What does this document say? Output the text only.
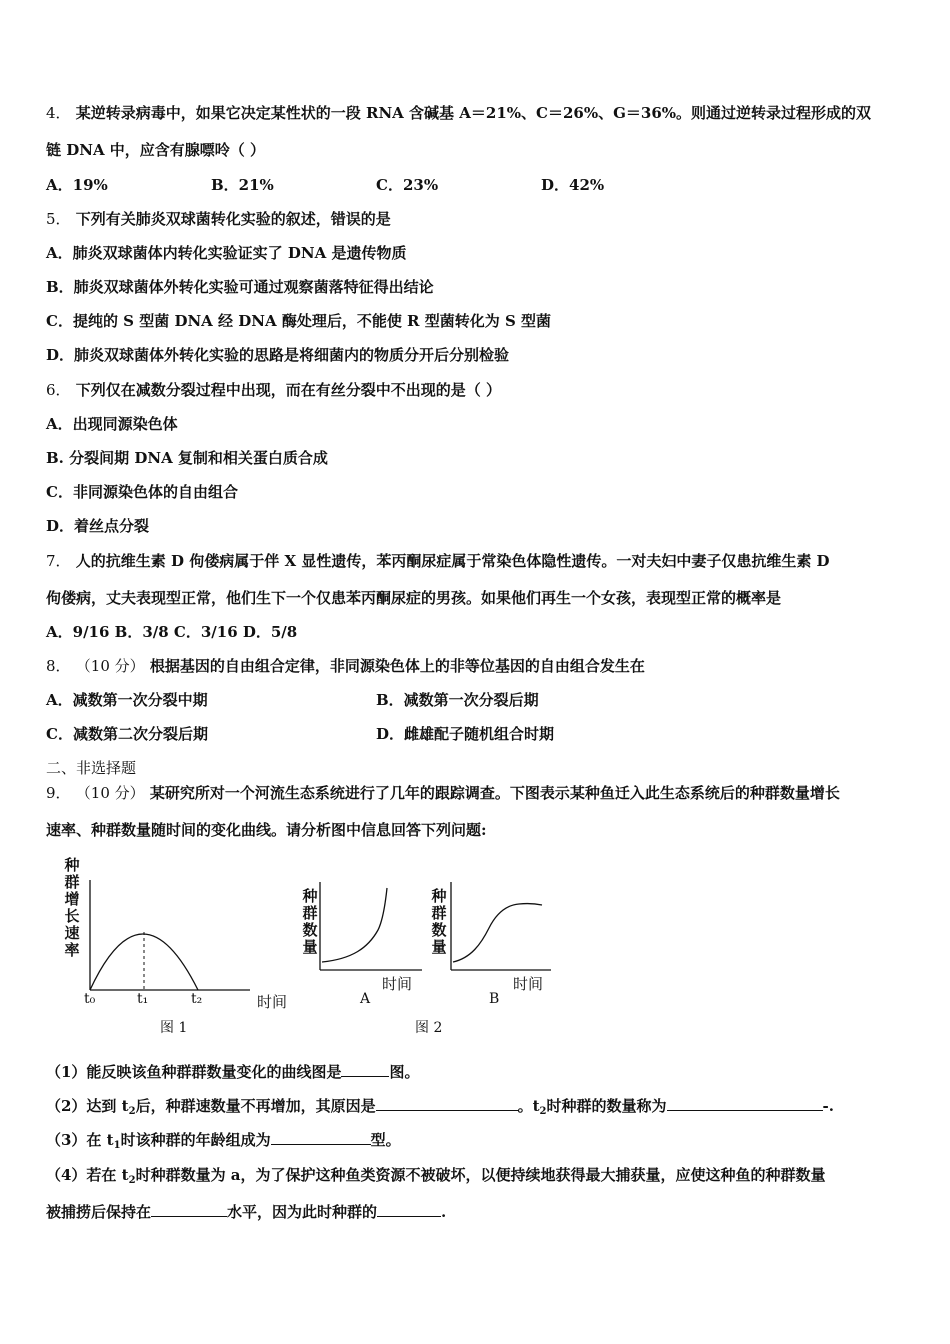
4． 某逆转录病毒中，如果它决定某性状的一段 RNA 含碱基 A＝21%、C＝26%、G＝36%。则通过逆转录过程形成的双
链 DNA 中，应含有腺嘌呤（ ）
A．19%	B．21%	C．23%	D．42%
5． 下列有关肺炎双球菌转化实验的叙述，错误的是
A．肺炎双球菌体内转化实验证实了 DNA 是遗传物质
B．肺炎双球菌体外转化实验可通过观察菌落特征得出结论
C．提纯的 S 型菌 DNA 经 DNA 酶处理后，不能使 R 型菌转化为 S 型菌
D．肺炎双球菌体外转化实验的思路是将细菌内的物质分开后分别检验
6． 下列仅在减数分裂过程中出现，而在有丝分裂中不出现的是（ ）
A．出现同源染色体
B. 分裂间期 DNA 复制和相关蛋白质合成
C．非同源染色体的自由组合
D．着丝点分裂
7． 人的抗维生素 D 佝偻病属于伴 X 显性遗传，苯丙酮尿症属于常染色体隐性遗传。一对夫妇中妻子仅患抗维生素 D
佝偻病，丈夫表现型正常，他们生下一个仅患苯丙酮尿症的男孩。如果他们再生一个女孩，表现型正常的概率是
A．9/16 B．3/8 C．3/16 D．5/8
8． （10 分） 根据基因的自由组合定律，非同源染色体上的非等位基因的自由组合发生在
A．减数第一次分裂中期	B．减数第一次分裂后期
C．减数第二次分裂后期	D．雌雄配子随机组合时期
二、非选择题
9． （10 分） 某研究所对一个河流生态系统进行了几年的跟踪调查。下图表示某种鱼迁入此生态系统后的种群数量增长
速率、种群数量随时间的变化曲线。请分析图中信息回答下列问题:
种群增长速率
t₀	t₁	t₂	时间
图 1
种群数量
时间
A
种群数量
时间
B
图 2
（1）能反映该鱼种群群数量变化的曲线图是	图。
（2）达到 $t_2$后，种群速数量不再增加，其原因是	。$t_2$时种群的数量称为	-.
（3）在 $t_1$时该种群的年龄组成为	型。
（4）若在 $t_2$时种群数量为 a，为了保护这种鱼类资源不被破坏，以便持续地获得最大捕获量，应使这种鱼的种群数量
被捕捞后保持在	水平，因为此时种群的	.
